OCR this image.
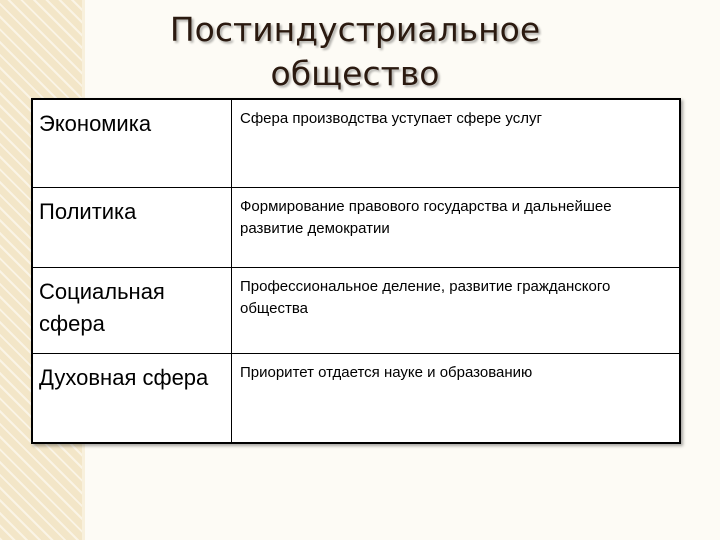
Постиндустриальное общество
Экономика	Сфера производства уступает сфере услуг
Политика	Формирование правового государства и дальнейшее развитие демократии
Социальная сфера	Профессиональное деление, развитие гражданского общества
Духовная сфера	Приоритет отдается науке и образованию
